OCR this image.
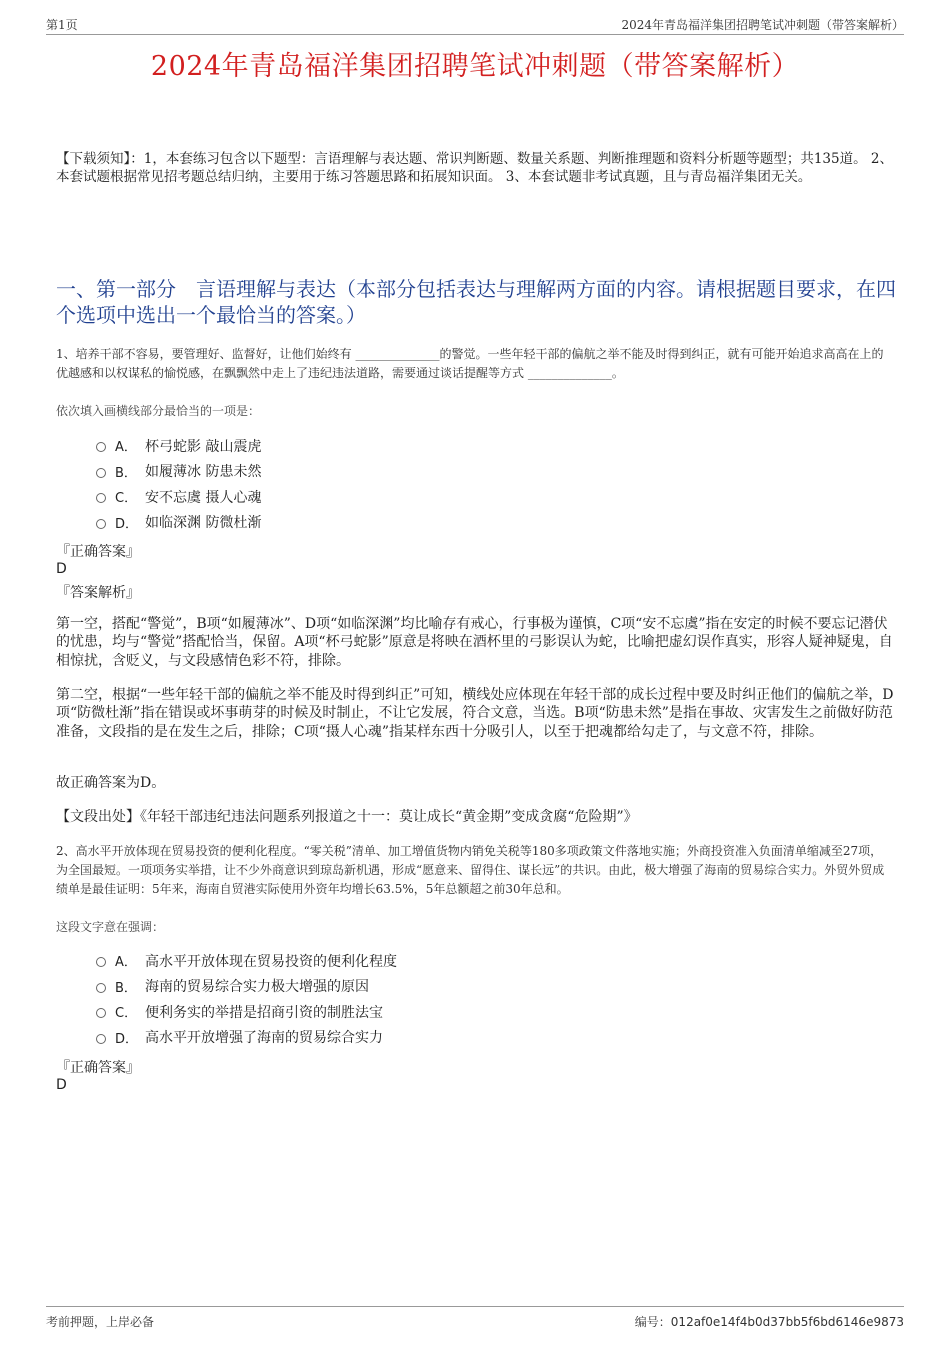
第1页	2024年青岛福洋集团招聘笔试冲刺题（带答案解析）
2024年青岛福洋集团招聘笔试冲刺题（带答案解析）
【下载须知】：1，本套练习包含以下题型：言语理解与表达题、常识判断题、数量关系题、判断推理题和资料分析题等题型；共135道。 2、本套试题根据常见招考题总结归纳，主要用于练习答题思路和拓展知识面。 3、本套试题非考试真题，且与青岛福洋集团无关。
一、第一部分　言语理解与表达（本部分包括表达与理解两方面的内容。请根据题目要求，在四个选项中选出一个最恰当的答案。）
1、培养干部不容易，要管理好、监督好，让他们始终有 ______________的警觉。一些年轻干部的偏航之举不能及时得到纠正，就有可能开始追求高高在上的优越感和以权谋私的愉悦感，在飘飘然中走上了违纪违法道路，需要通过谈话提醒等方式 ______________。
依次填入画横线部分最恰当的一项是：
A． 杯弓蛇影 敲山震虎
B． 如履薄冰 防患未然
C． 安不忘虞 摄人心魂
D． 如临深渊 防微杜渐
『正确答案』
D
『答案解析』
第一空，搭配“警觉”，B项“如履薄冰”、D项“如临深渊”均比喻存有戒心，行事极为谨慎，C项“安不忘虞”指在安定的时候不要忘记潜伏的忧患，均与“警觉”搭配恰当，保留。A项“杯弓蛇影”原意是将映在酒杯里的弓影误认为蛇，比喻把虚幻误作真实，形容人疑神疑鬼，自相惊扰，含贬义，与文段感情色彩不符，排除。
第二空，根据“一些年轻干部的偏航之举不能及时得到纠正”可知，横线处应体现在年轻干部的成长过程中要及时纠正他们的偏航之举，D项“防微杜渐”指在错误或坏事萌芽的时候及时制止，不让它发展，符合文意，当选。B项“防患未然”是指在事故、灾害发生之前做好防范准备，文段指的是在发生之后，排除；C项“摄人心魂”指某样东西十分吸引人，以至于把魂都给勾走了，与文意不符，排除。
故正确答案为D。
【文段出处】《年轻干部违纪违法问题系列报道之十一：莫让成长“黄金期”变成贪腐“危险期”》
2、高水平开放体现在贸易投资的便利化程度。“零关税”清单、加工增值货物内销免关税等180多项政策文件落地实施；外商投资准入负面清单缩减至27项，为全国最短。一项项务实举措，让不少外商意识到琼岛新机遇，形成“愿意来、留得住、谋长远”的共识。由此，极大增强了海南的贸易综合实力。外贸外贸成绩单是最佳证明：5年来，海南自贸港实际使用外资年均增长63.5%，5年总额超之前30年总和。
这段文字意在强调：
A． 高水平开放体现在贸易投资的便利化程度
B． 海南的贸易综合实力极大增强的原因
C． 便利务实的举措是招商引资的制胜法宝
D． 高水平开放增强了海南的贸易综合实力
『正确答案』
D
考前押题，上岸必备	编号：012af0e14f4b0d37bb5f6bd6146e9873
